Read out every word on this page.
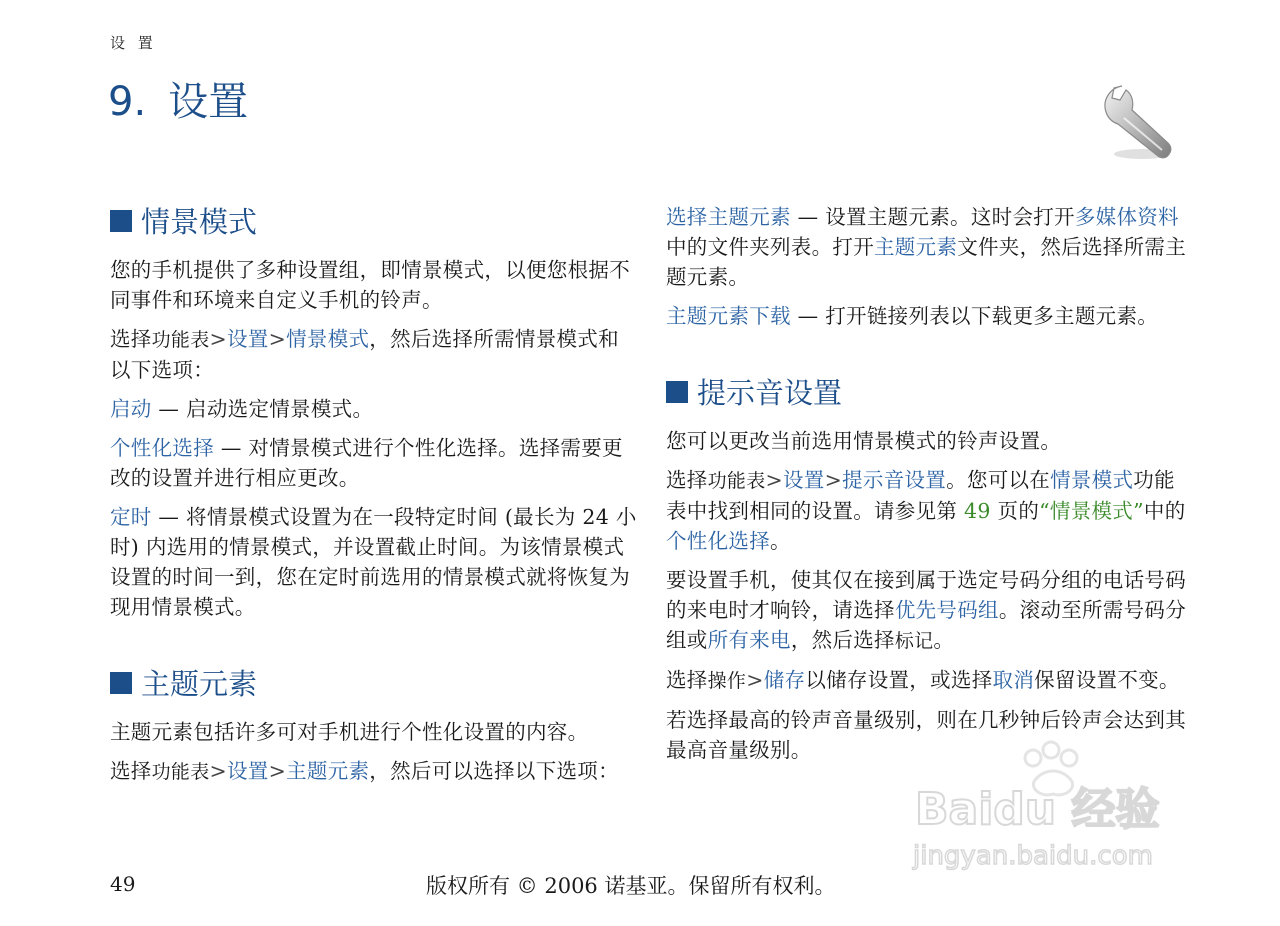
设 置
9. 设置
情景模式

您的手机提供了多种设置组，即情景模式，以便您根据不同事件和环境来自定义手机的铃声。

选择功能表>设置>情景模式，然后选择所需情景模式和以下选项：

启动 — 启动选定情景模式。

个性化选择 — 对情景模式进行个性化选择。选择需要更改的设置并进行相应更改。

定时 — 将情景模式设置为在一段特定时间 (最长为 24 小时) 内选用的情景模式，并设置截止时间。为该情景模式设置的时间一到，您在定时前选用的情景模式就将恢复为现用情景模式。

主题元素

主题元素包括许多可对手机进行个性化设置的内容。

选择功能表>设置>主题元素，然后可以选择以下选项：

选择主题元素 — 设置主题元素。这时会打开多媒体资料中的文件夹列表。打开主题元素文件夹，然后选择所需主题元素。

主题元素下载 — 打开链接列表以下载更多主题元素。

提示音设置

您可以更改当前选用情景模式的铃声设置。

选择功能表>设置>提示音设置。您可以在情景模式功能表中找到相同的设置。请参见第 49 页的“情景模式”中的个性化选择。

要设置手机，使其仅在接到属于选定号码分组的电话号码的来电时才响铃，请选择优先号码组。滚动至所需号码分组或所有来电，然后选择标记。

选择操作>储存以储存设置，或选择取消保留设置不变。

若选择最高的铃声音量级别，则在几秒钟后铃声会达到其最高音量级别。

49	版权所有 © 2006 诺基亚。保留所有权利。
Baidu 经验
jingyan.baidu.com
